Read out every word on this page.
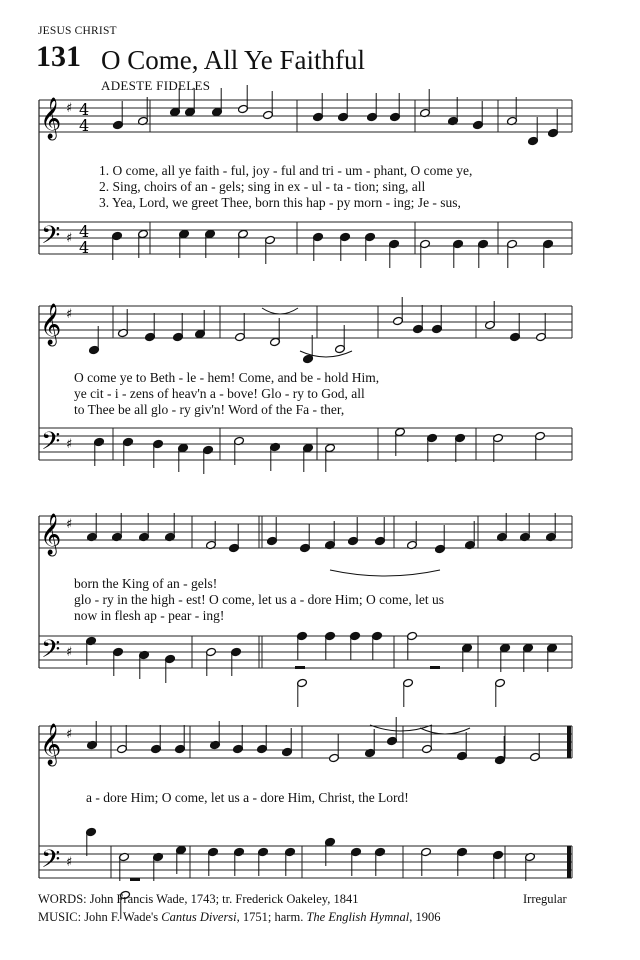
JESUS CHRIST
131 O Come, All Ye Faithful
ADESTE FIDELES
𝄞
𝄢
♯
♯
4
4
4
4
𝄞
𝄢
♯
♯
𝄞
𝄢
♯
♯
𝄞
𝄢
♯
♯
1. O come, all ye faith - ful, joy - ful and tri - um - phant, O come ye,
2. Sing, choirs of an - gels; sing in ex - ul - ta - tion; sing, all
3. Yea, Lord, we greet Thee, born this hap - py morn - ing; Je - sus,
O come ye to Beth - le - hem! Come, and be - hold Him,
ye cit - i - zens of heav'n a - bove! Glo - ry to God, all
to Thee be all glo - ry giv'n! Word of the Fa - ther,
born the King of an - gels!
glo - ry in the high - est! O come, let us a - dore Him; O come, let us
now in flesh ap - pear - ing!
a - dore Him; O come, let us a - dore Him, Christ, the Lord!
WORDS: John Francis Wade, 1743; tr. Frederick Oakeley, 1841
MUSIC: John F. Wade's Cantus Diversi, 1751; harm. The English Hymnal, 1906
Irregular
